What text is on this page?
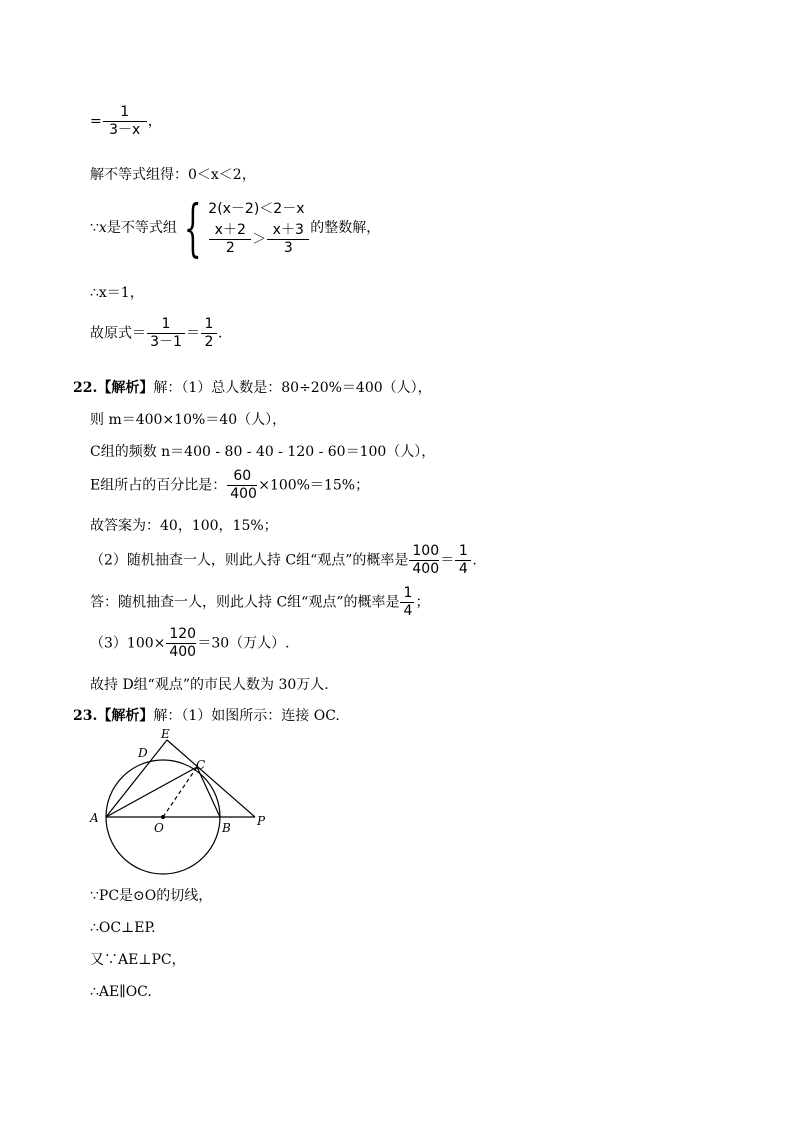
= $\frac{1}{3-x}$ ，
解不等式组得：0＜x＜2，
∵x是不等式组 { 2(x－2)＜2－x
$\frac{x+2}{2} > \frac{x+3}{3}$ 的整数解，
∴x＝1，
故原式＝ $\frac{1}{3-1} = \frac{1}{2}$ .
22.【解析】解：（1）总人数是：80÷20%＝400（人），
则 m＝400×10%＝40（人），
C组的频数 n＝400 - 80 - 40 - 120 - 60＝100（人），
E组所占的百分比是： $\frac{60}{400} \times 100\%=15\%$；
故答案为：40，100，15%；
（2）随机抽查一人，则此人持 C组“观点”的概率是 $\frac{100}{400} = \frac{1}{4}$ .
答：随机抽查一人，则此人持 C组“观点”的概率是 $\frac{1}{4}$ ；
$(3)100\times \frac{120}{400} =30$（万人）.
故持 D组“观点”的市民人数为 30万人.
23.【解析】解：（1）如图所示：连接 OC.
A
B
C
D
E
O	P
∵PC是⊙O的切线，
∴OC⊥EP.
又∵AE⊥PC，
∴AE∥OC.
